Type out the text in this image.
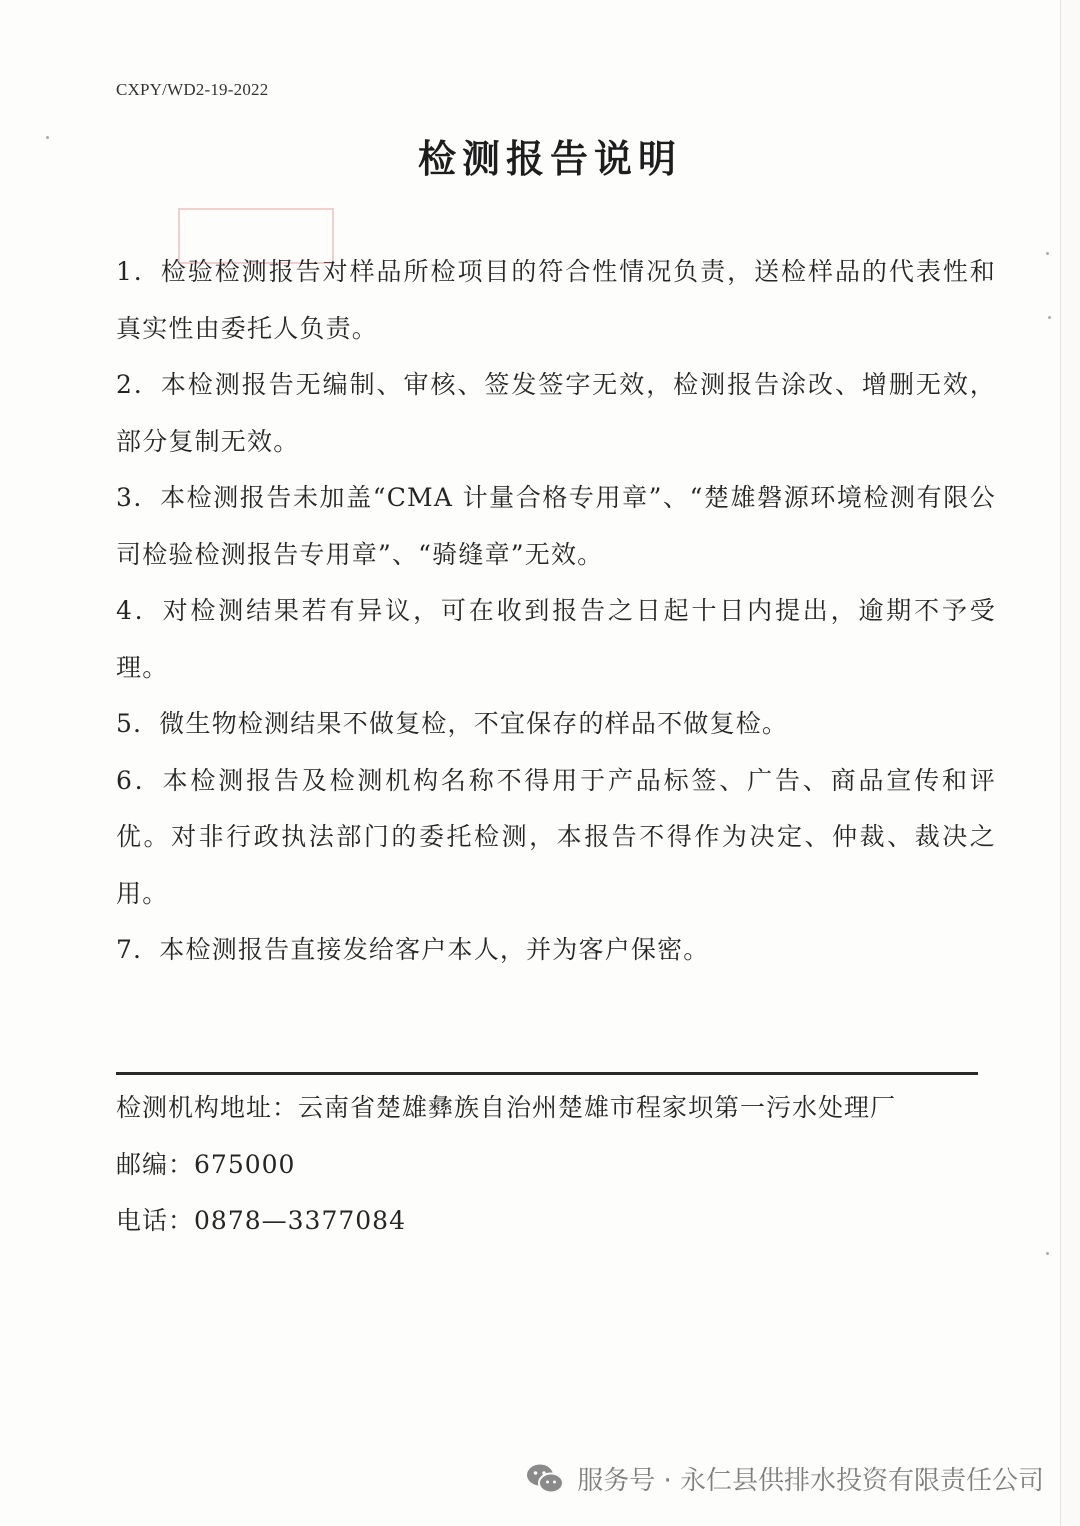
CXPY/WD2-19-2022
检测报告说明
1．检验检测报告对样品所检项目的符合性情况负责，送检样品的代表性和真实性由委托人负责。
2．本检测报告无编制、审核、签发签字无效，检测报告涂改、增删无效，部分复制无效。
3．本检测报告未加盖“CMA 计量合格专用章”、“楚雄磐源环境检测有限公司检验检测报告专用章”、“骑缝章”无效。
4．对检测结果若有异议，可在收到报告之日起十日内提出，逾期不予受理。
5．微生物检测结果不做复检，不宜保存的样品不做复检。
6．本检测报告及检测机构名称不得用于产品标签、广告、商品宣传和评优。对非行政执法部门的委托检测，本报告不得作为决定、仲裁、裁决之用。
7．本检测报告直接发给客户本人，并为客户保密。
检测机构地址：云南省楚雄彝族自治州楚雄市程家坝第一污水处理厂
邮编：675000
电话：0878—3377084
服务号 · 永仁县供排水投资有限责任公司
